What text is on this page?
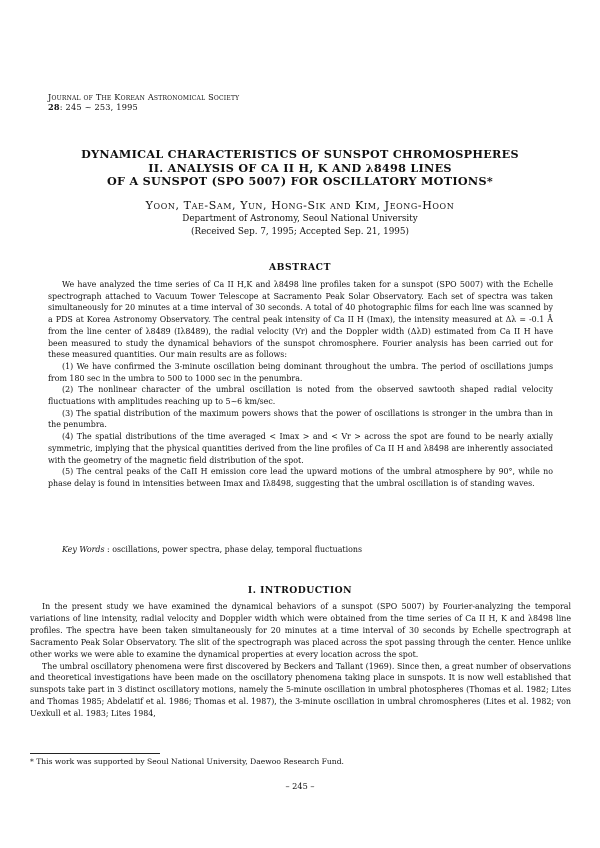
Journal of The Korean Astronomical Society
28: 245 ~ 253, 1995
DYNAMICAL CHARACTERISTICS OF SUNSPOT CHROMOSPHERES
II. ANALYSIS OF CA II H, K AND λ8498 LINES
OF A SUNSPOT (SPO 5007) FOR OSCILLATORY MOTIONS*
Yoon, Tae-Sam, Yun, Hong-Sik and Kim, Jeong-Hoon
Department of Astronomy, Seoul National University
(Received Sep. 7, 1995; Accepted Sep. 21, 1995)
ABSTRACT

We have analyzed the time series of Ca II H,K and λ8498 line profiles taken for a sunspot (SPO 5007) with the Echelle spectrograph attached to Vacuum Tower Telescope at Sacramento Peak Solar Observatory. Each set of spectra was taken simultaneously for 20 minutes at a time interval of 30 seconds. A total of 40 photographic films for each line was scanned by a PDS at Korea Astronomy Observatory. The central peak intensity of Ca II H (Imax), the intensity measured at Δλ = -0.1 Å from the line center of λ8489 (Iλ8489), the radial velocity (Vr) and the Doppler width (ΔλD) estimated from Ca II H have been measured to study the dynamical behaviors of the sunspot chromosphere. Fourier analysis has been carried out for these measured quantities. Our main results are as follows:

(1) We have confirmed the 3-minute oscillation being dominant throughout the umbra. The period of oscillations jumps from 180 sec in the umbra to 500 to 1000 sec in the penumbra.

(2) The nonlinear character of the umbral oscillation is noted from the observed sawtooth shaped radial velocity fluctuations with amplitudes reaching up to 5~6 km/sec.

(3) The spatial distribution of the maximum powers shows that the power of oscillations is stronger in the umbra than in the penumbra.

(4) The spatial distributions of the time averaged < Imax > and < Vr > across the spot are found to be nearly axially symmetric, implying that the physical quantities derived from the line profiles of Ca II H and λ8498 are inherently associated with the geometry of the magnetic field distribution of the spot.

(5) The central peaks of the CaII H emission core lead the upward motions of the umbral atmosphere by 90°, while no phase delay is found in intensities between Imax and Iλ8498, suggesting that the umbral oscillation is of standing waves.

Key Words : oscillations, power spectra, phase delay, temporal fluctuations
I. INTRODUCTION

In the present study we have examined the dynamical behaviors of a sunspot (SPO 5007) by Fourier-analyzing the temporal variations of line intensity, radial velocity and Doppler width which were obtained from the time series of Ca II H, K and λ8498 line profiles. The spectra have been taken simultaneously for 20 minutes at a time interval of 30 seconds by Echelle spectrograph at Sacramento Peak Solar Observatory. The slit of the spectrograph was placed across the spot passing through the center. Hence unlike other works we were able to examine the dynamical properties at every location across the spot.

The umbral oscillatory phenomena were first discovered by Beckers and Tallant (1969). Since then, a great number of observations and theoretical investigations have been made on the oscillatory phenomena taking place in sunspots. It is now well established that sunspots take part in 3 distinct oscillatory motions, namely the 5-minute oscillation in umbral photospheres (Thomas et al. 1982; Lites and Thomas 1985; Abdelatif et al. 1986; Thomas et al. 1987), the 3-minute oscillation in umbral chromospheres (Lites et al. 1982; von Uexkull et al. 1983; Lites 1984,

* This work was supported by Seoul National University, Daewoo Research Fund.
– 245 –
